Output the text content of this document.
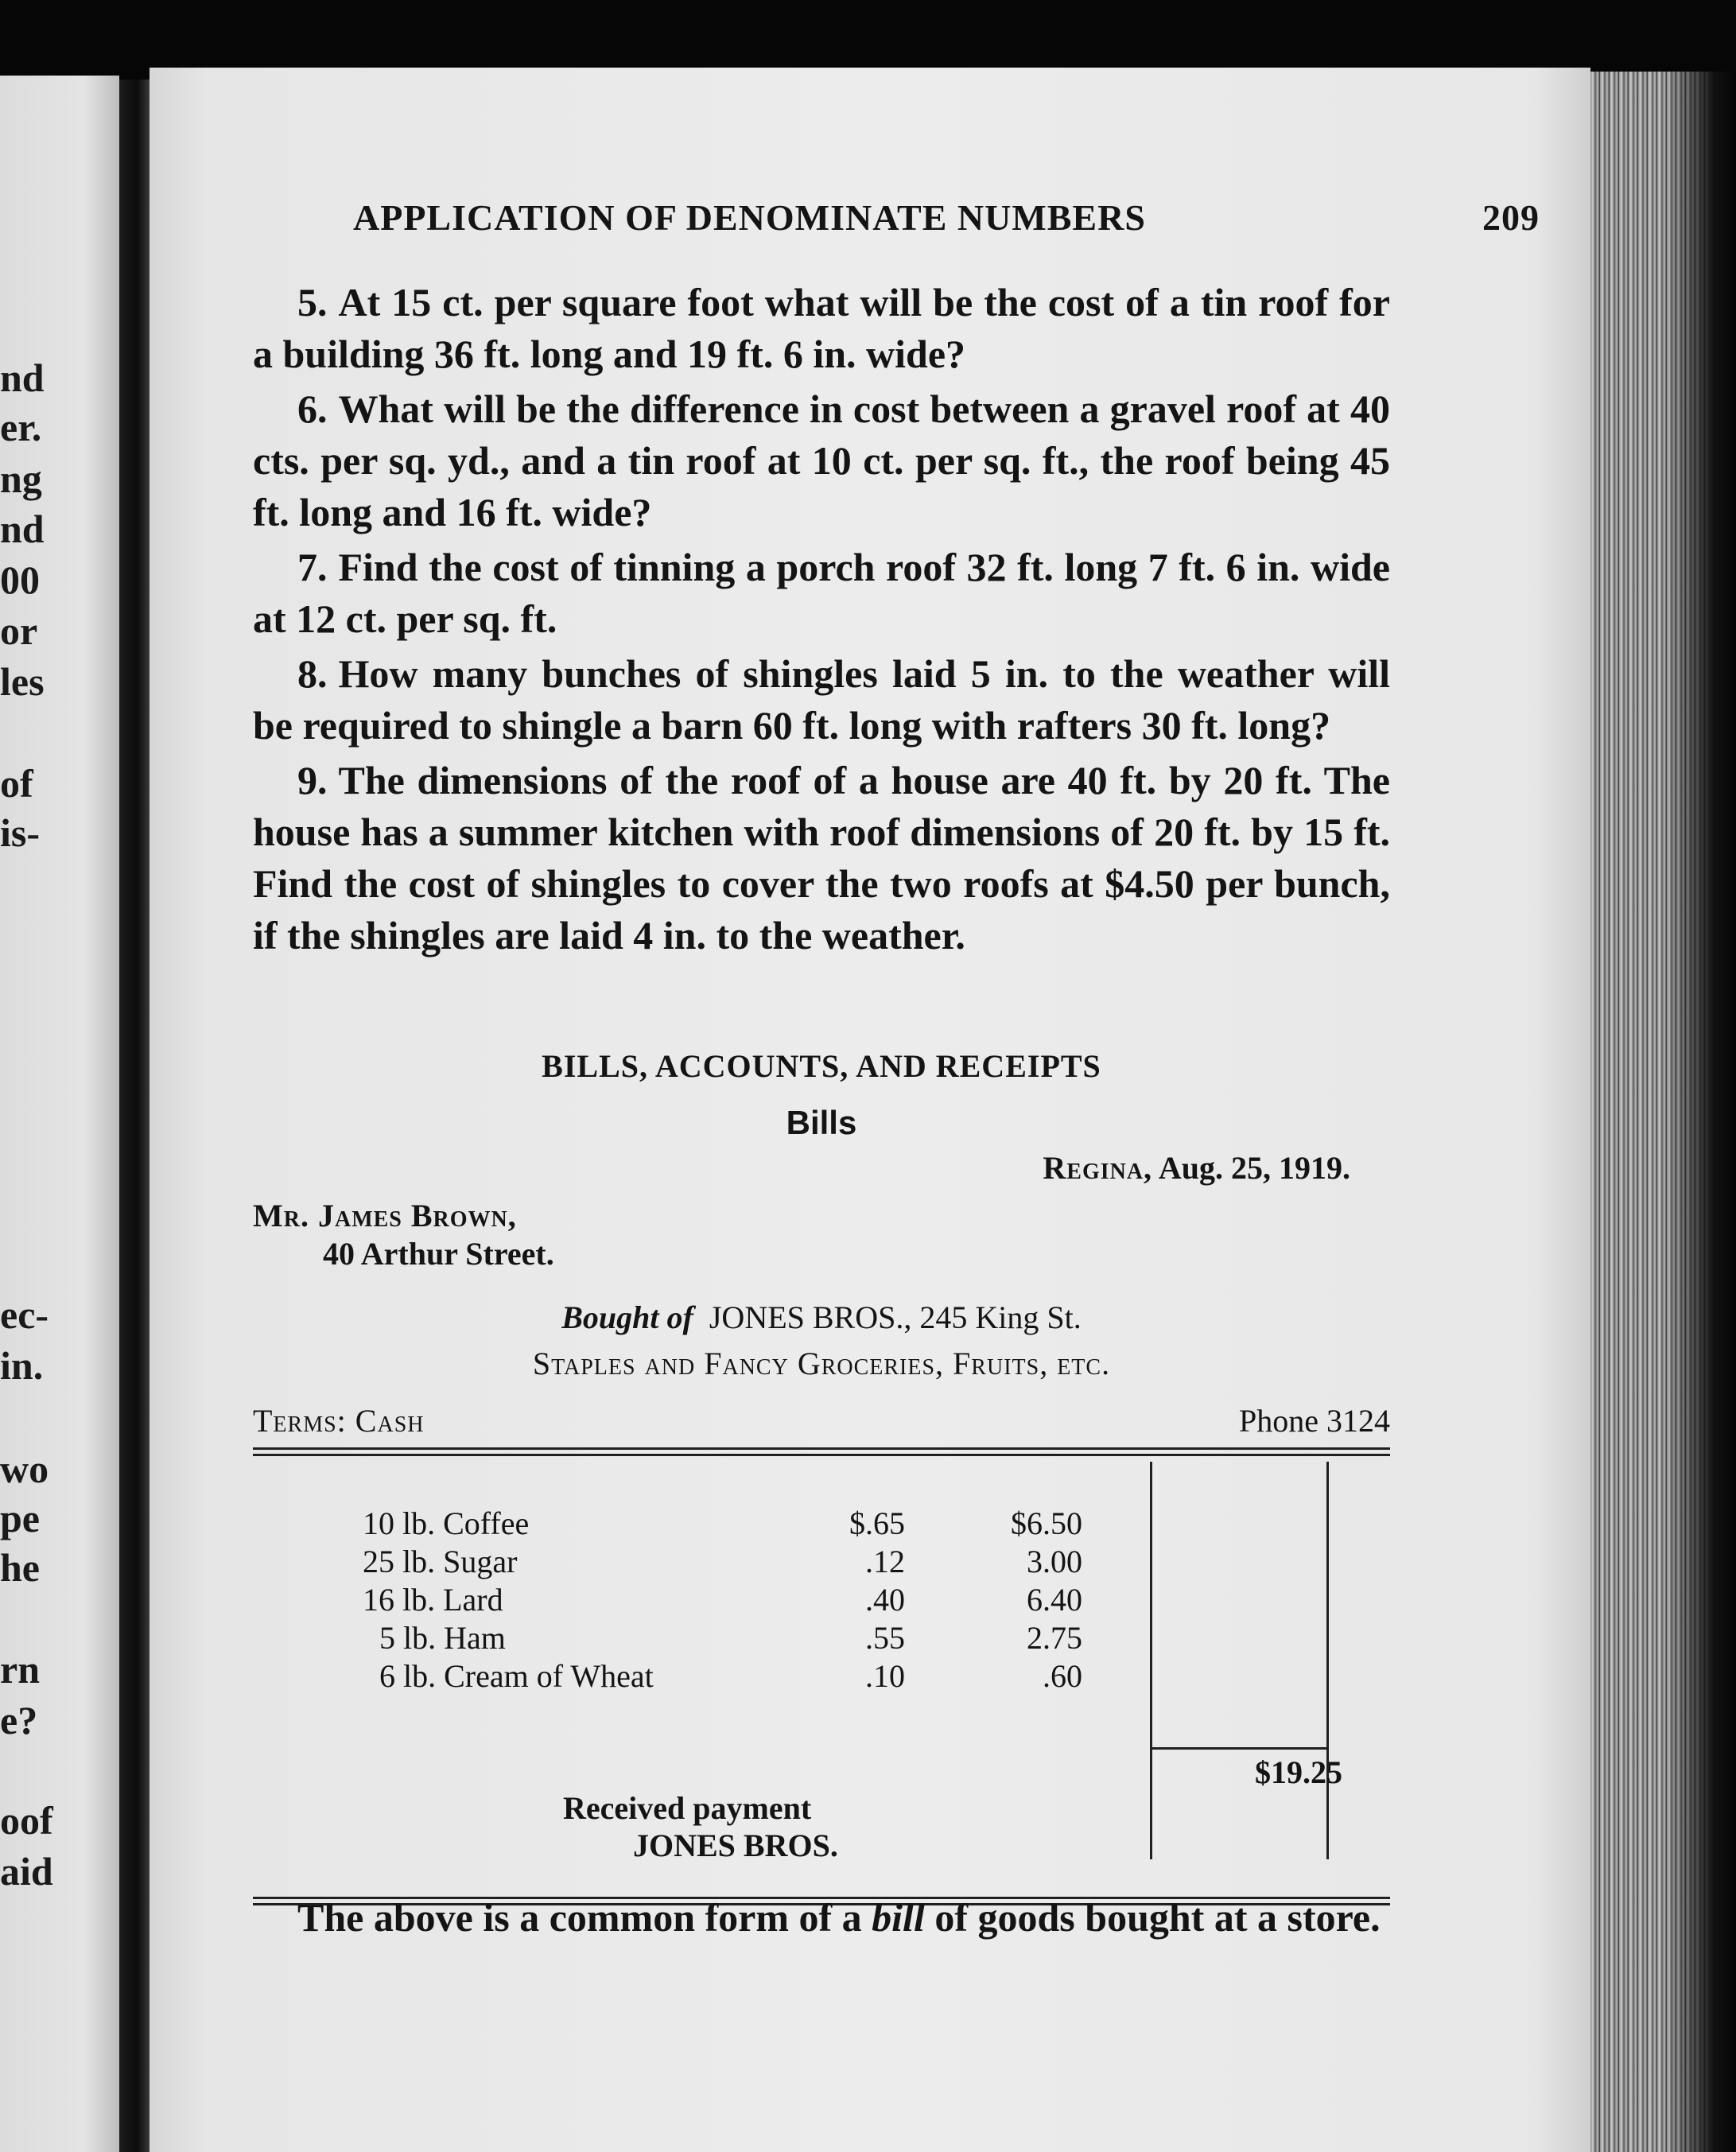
nd
er.
ng
nd
00
or
les
of
is-
ec-
in.
wo
pe
he
rn
e?
oof
aid
APPLICATION OF DENOMINATE NUMBERS	209

5. At 15 ct. per square foot what will be the cost of a tin roof for a building 36 ft. long and 19 ft. 6 in. wide?

6. What will be the difference in cost between a gravel roof at 40 cts. per sq. yd., and a tin roof at 10 ct. per sq. ft., the roof being 45 ft. long and 16 ft. wide?

7. Find the cost of tinning a porch roof 32 ft. long 7 ft. 6 in. wide at 12 ct. per sq. ft.

8. How many bunches of shingles laid 5 in. to the weather will be required to shingle a barn 60 ft. long with rafters 30 ft. long?

9. The dimensions of the roof of a house are 40 ft. by 20 ft. The house has a summer kitchen with roof dimensions of 20 ft. by 15 ft. Find the cost of shingles to cover the two roofs at $4.50 per bunch, if the shingles are laid 4 in. to the weather.

BILLS, ACCOUNTS, AND RECEIPTS
Bills
Regina, Aug. 25, 1919.
Mr. James Brown,
40 Arthur Street.
Bought of JONES BROS., 245 King St.
Staples and Fancy Groceries, Fruits, etc.
Terms: Cash	Phone 3124
10 lb. Coffee	$.65	$6.50
25 lb. Sugar	.12	3.00
16 lb. Lard	.40	6.40
5 lb. Ham	.55	2.75
6 lb. Cream of Wheat	.10	.60
$19.25
Received payment
JONES BROS.

The above is a common form of a bill of goods bought at a store.
